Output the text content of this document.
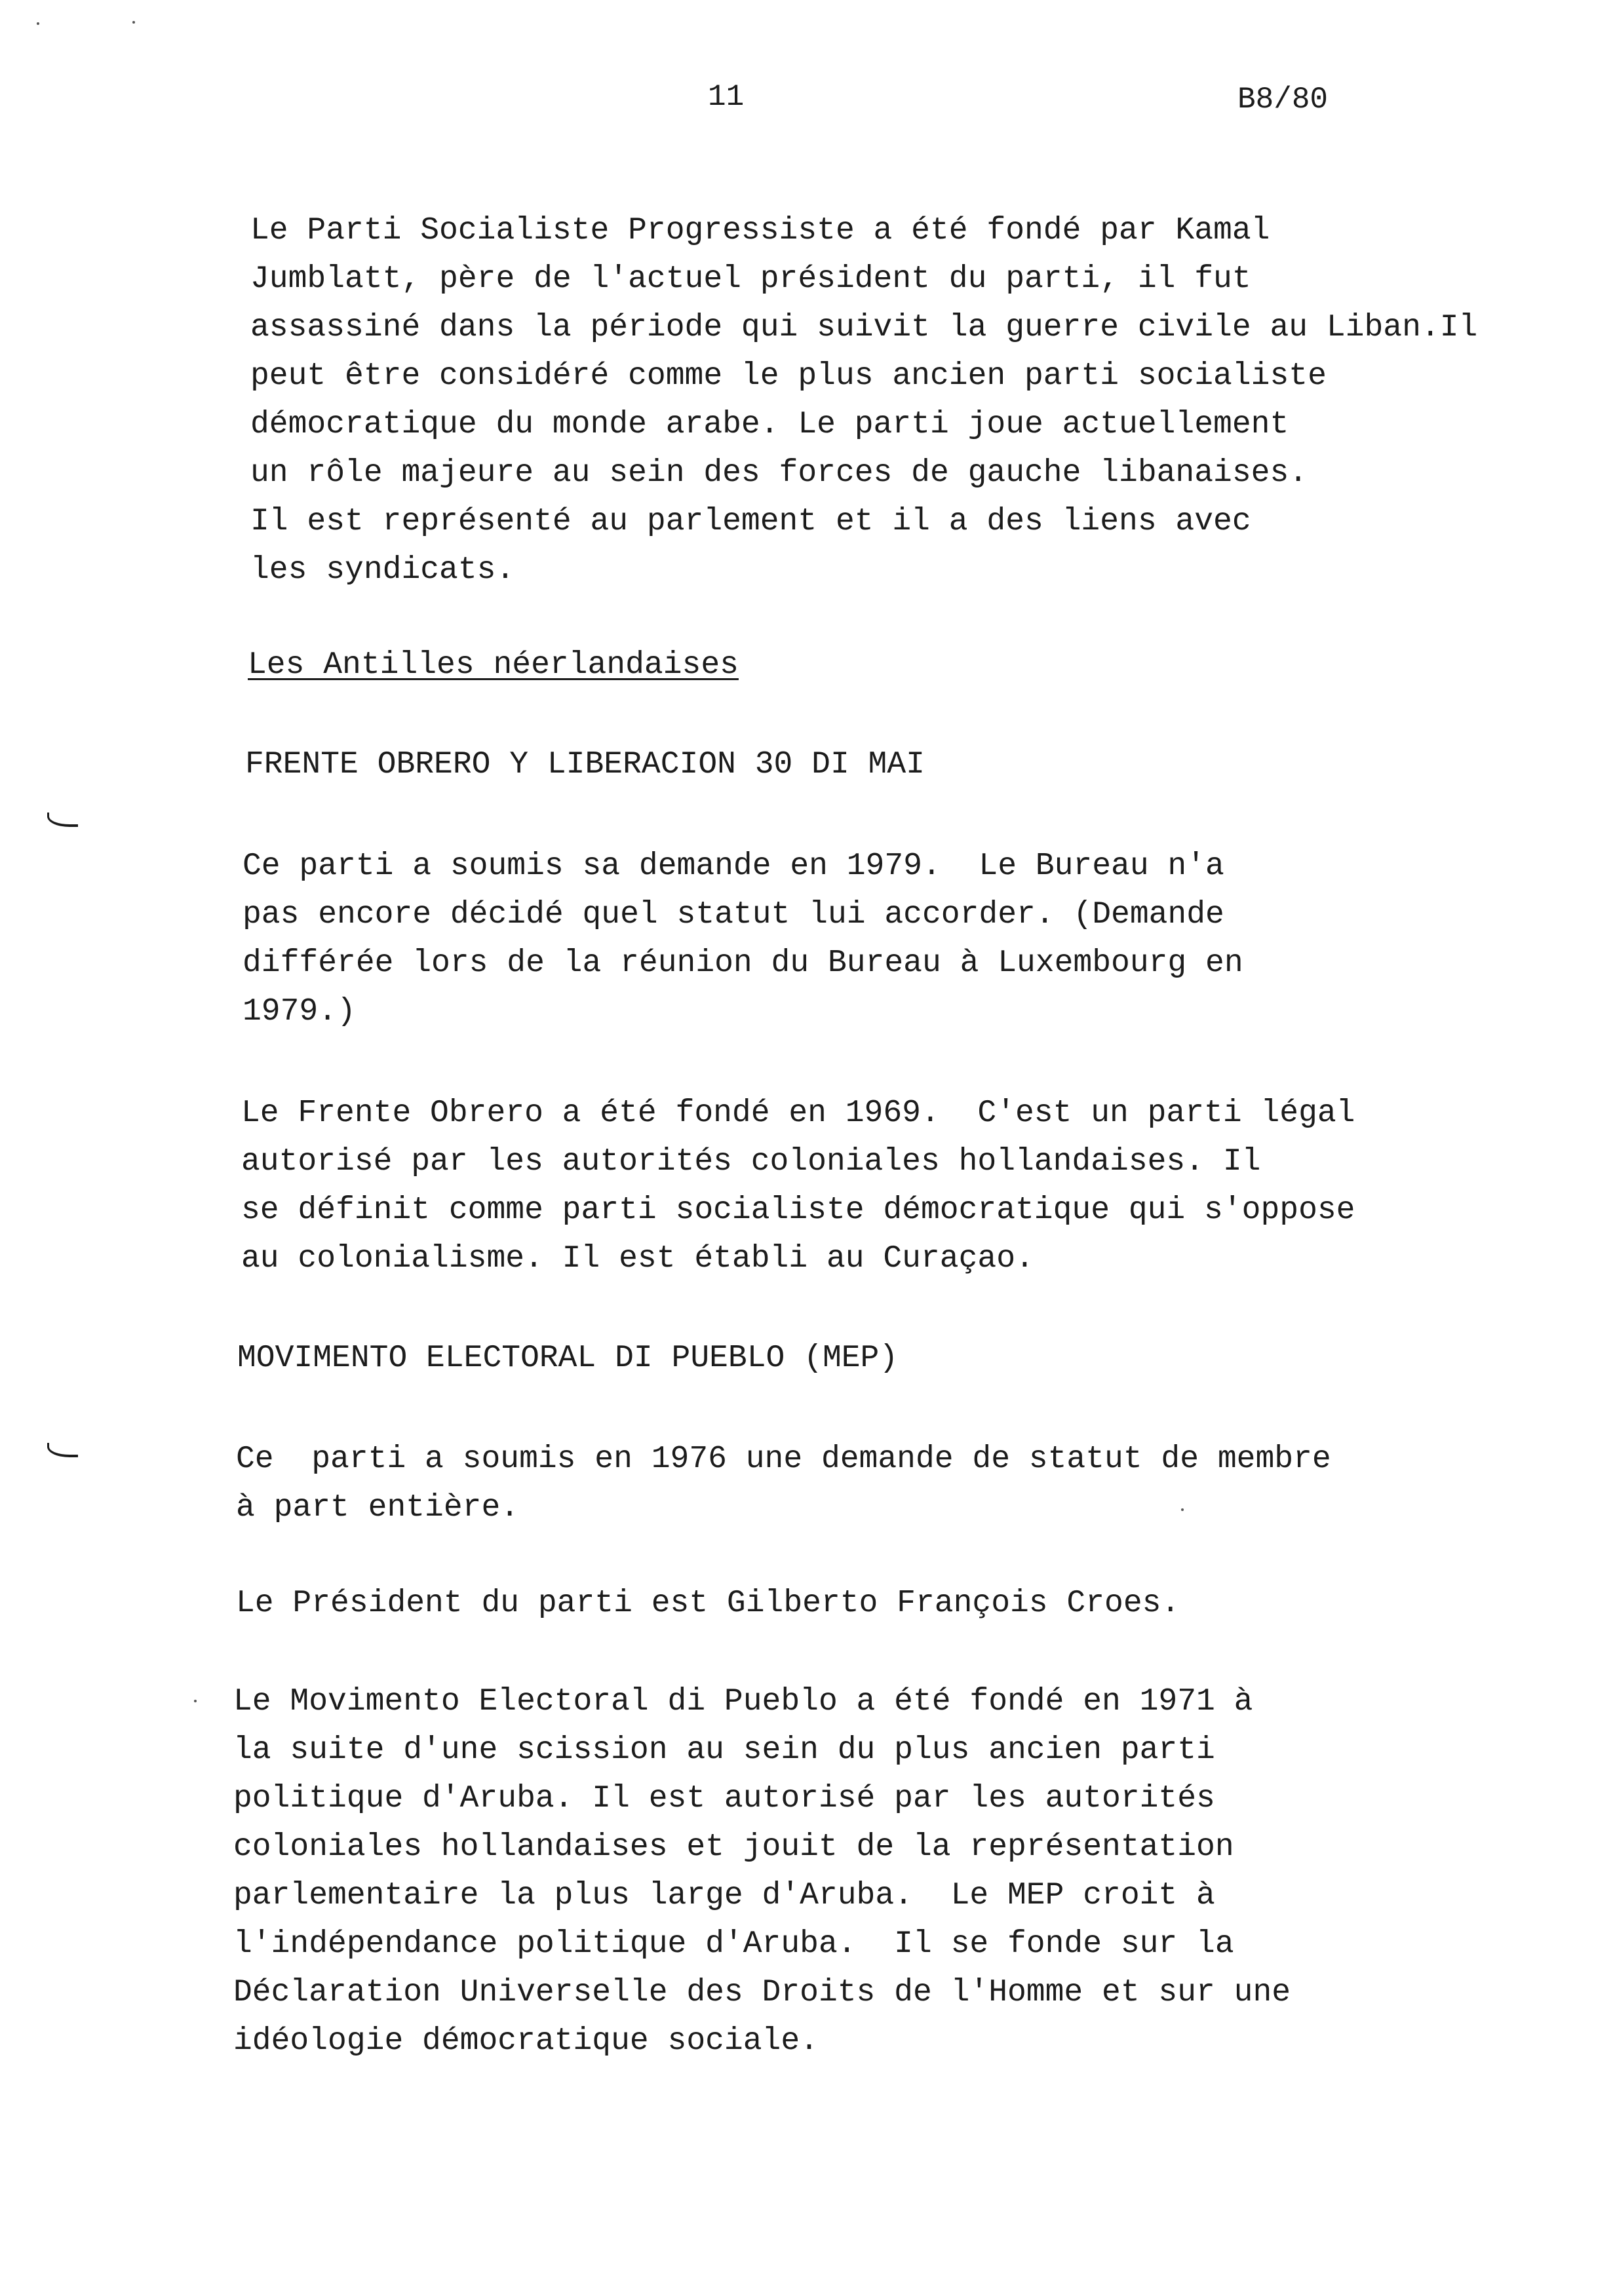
11	B8/80

Le Parti Socialiste Progressiste a été fondé par Kamal
Jumblatt, père de l'actuel président du parti, il fut
assassiné dans la période qui suivit la guerre civile au Liban.Il
peut être considéré comme le plus ancien parti socialiste
démocratique du monde arabe. Le parti joue actuellement
un rôle majeure au sein des forces de gauche libanaises.
Il est représenté au parlement et il a des liens avec
les syndicats.

Les Antilles néerlandaises

FRENTE OBRERO Y LIBERACION 30 DI MAI

Ce parti a soumis sa demande en 1979.  Le Bureau n'a
pas encore décidé quel statut lui accorder. (Demande
différée lors de la réunion du Bureau à Luxembourg en
1979.)

Le Frente Obrero a été fondé en 1969.  C'est un parti légal
autorisé par les autorités coloniales hollandaises. Il
se définit comme parti socialiste démocratique qui s'oppose
au colonialisme. Il est établi au Curaçao.

MOVIMENTO ELECTORAL DI PUEBLO (MEP)

Ce  parti a soumis en 1976 une demande de statut de membre
à part entière.

Le Président du parti est Gilberto François Croes.

Le Movimento Electoral di Pueblo a été fondé en 1971 à
la suite d'une scission au sein du plus ancien parti
politique d'Aruba. Il est autorisé par les autorités
coloniales hollandaises et jouit de la représentation
parlementaire la plus large d'Aruba.  Le MEP croit à
l'indépendance politique d'Aruba.  Il se fonde sur la
Déclaration Universelle des Droits de l'Homme et sur une
idéologie démocratique sociale.
